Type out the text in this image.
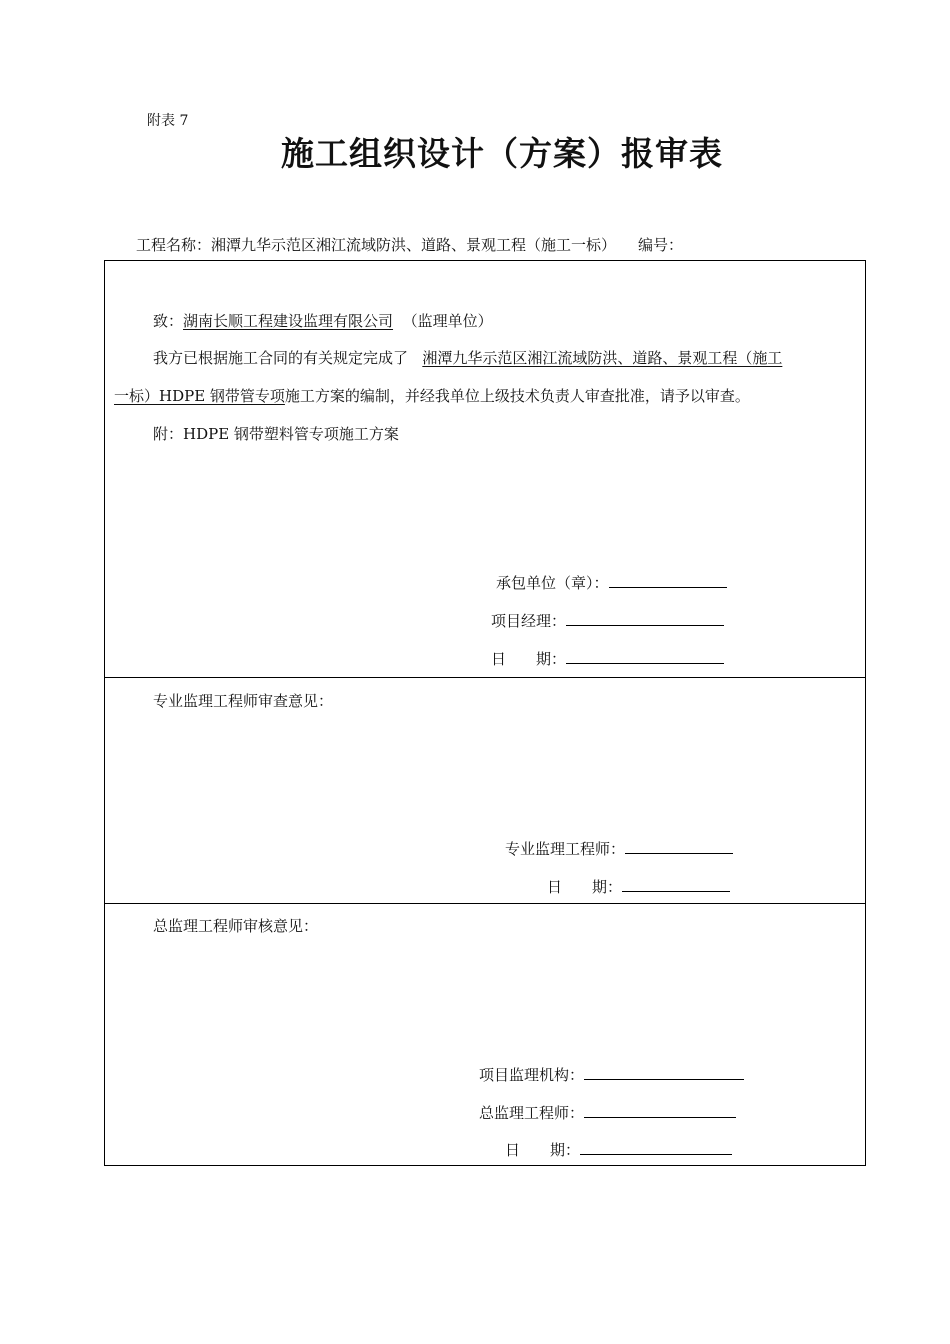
附表 7
施工组织设计（方案）报审表
工程名称：湘潭九华示范区湘江流域防洪、道路、景观工程（施工一标） 编号：
致：湖南长顺工程建设监理有限公司 （监理单位）
我方已根据施工合同的有关规定完成了 湘潭九华示范区湘江流域防洪、道路、景观工程（施工
一标）HDPE 钢带管专项施工方案的编制，并经我单位上级技术负责人审查批准，请予以审查。
附：HDPE 钢带塑料管专项施工方案
承包单位（章）：
项目经理：
日　　期：
专业监理工程师审查意见：
专业监理工程师：
日　　期：
总监理工程师审核意见：
项目监理机构：
总监理工程师：
日　　期：
